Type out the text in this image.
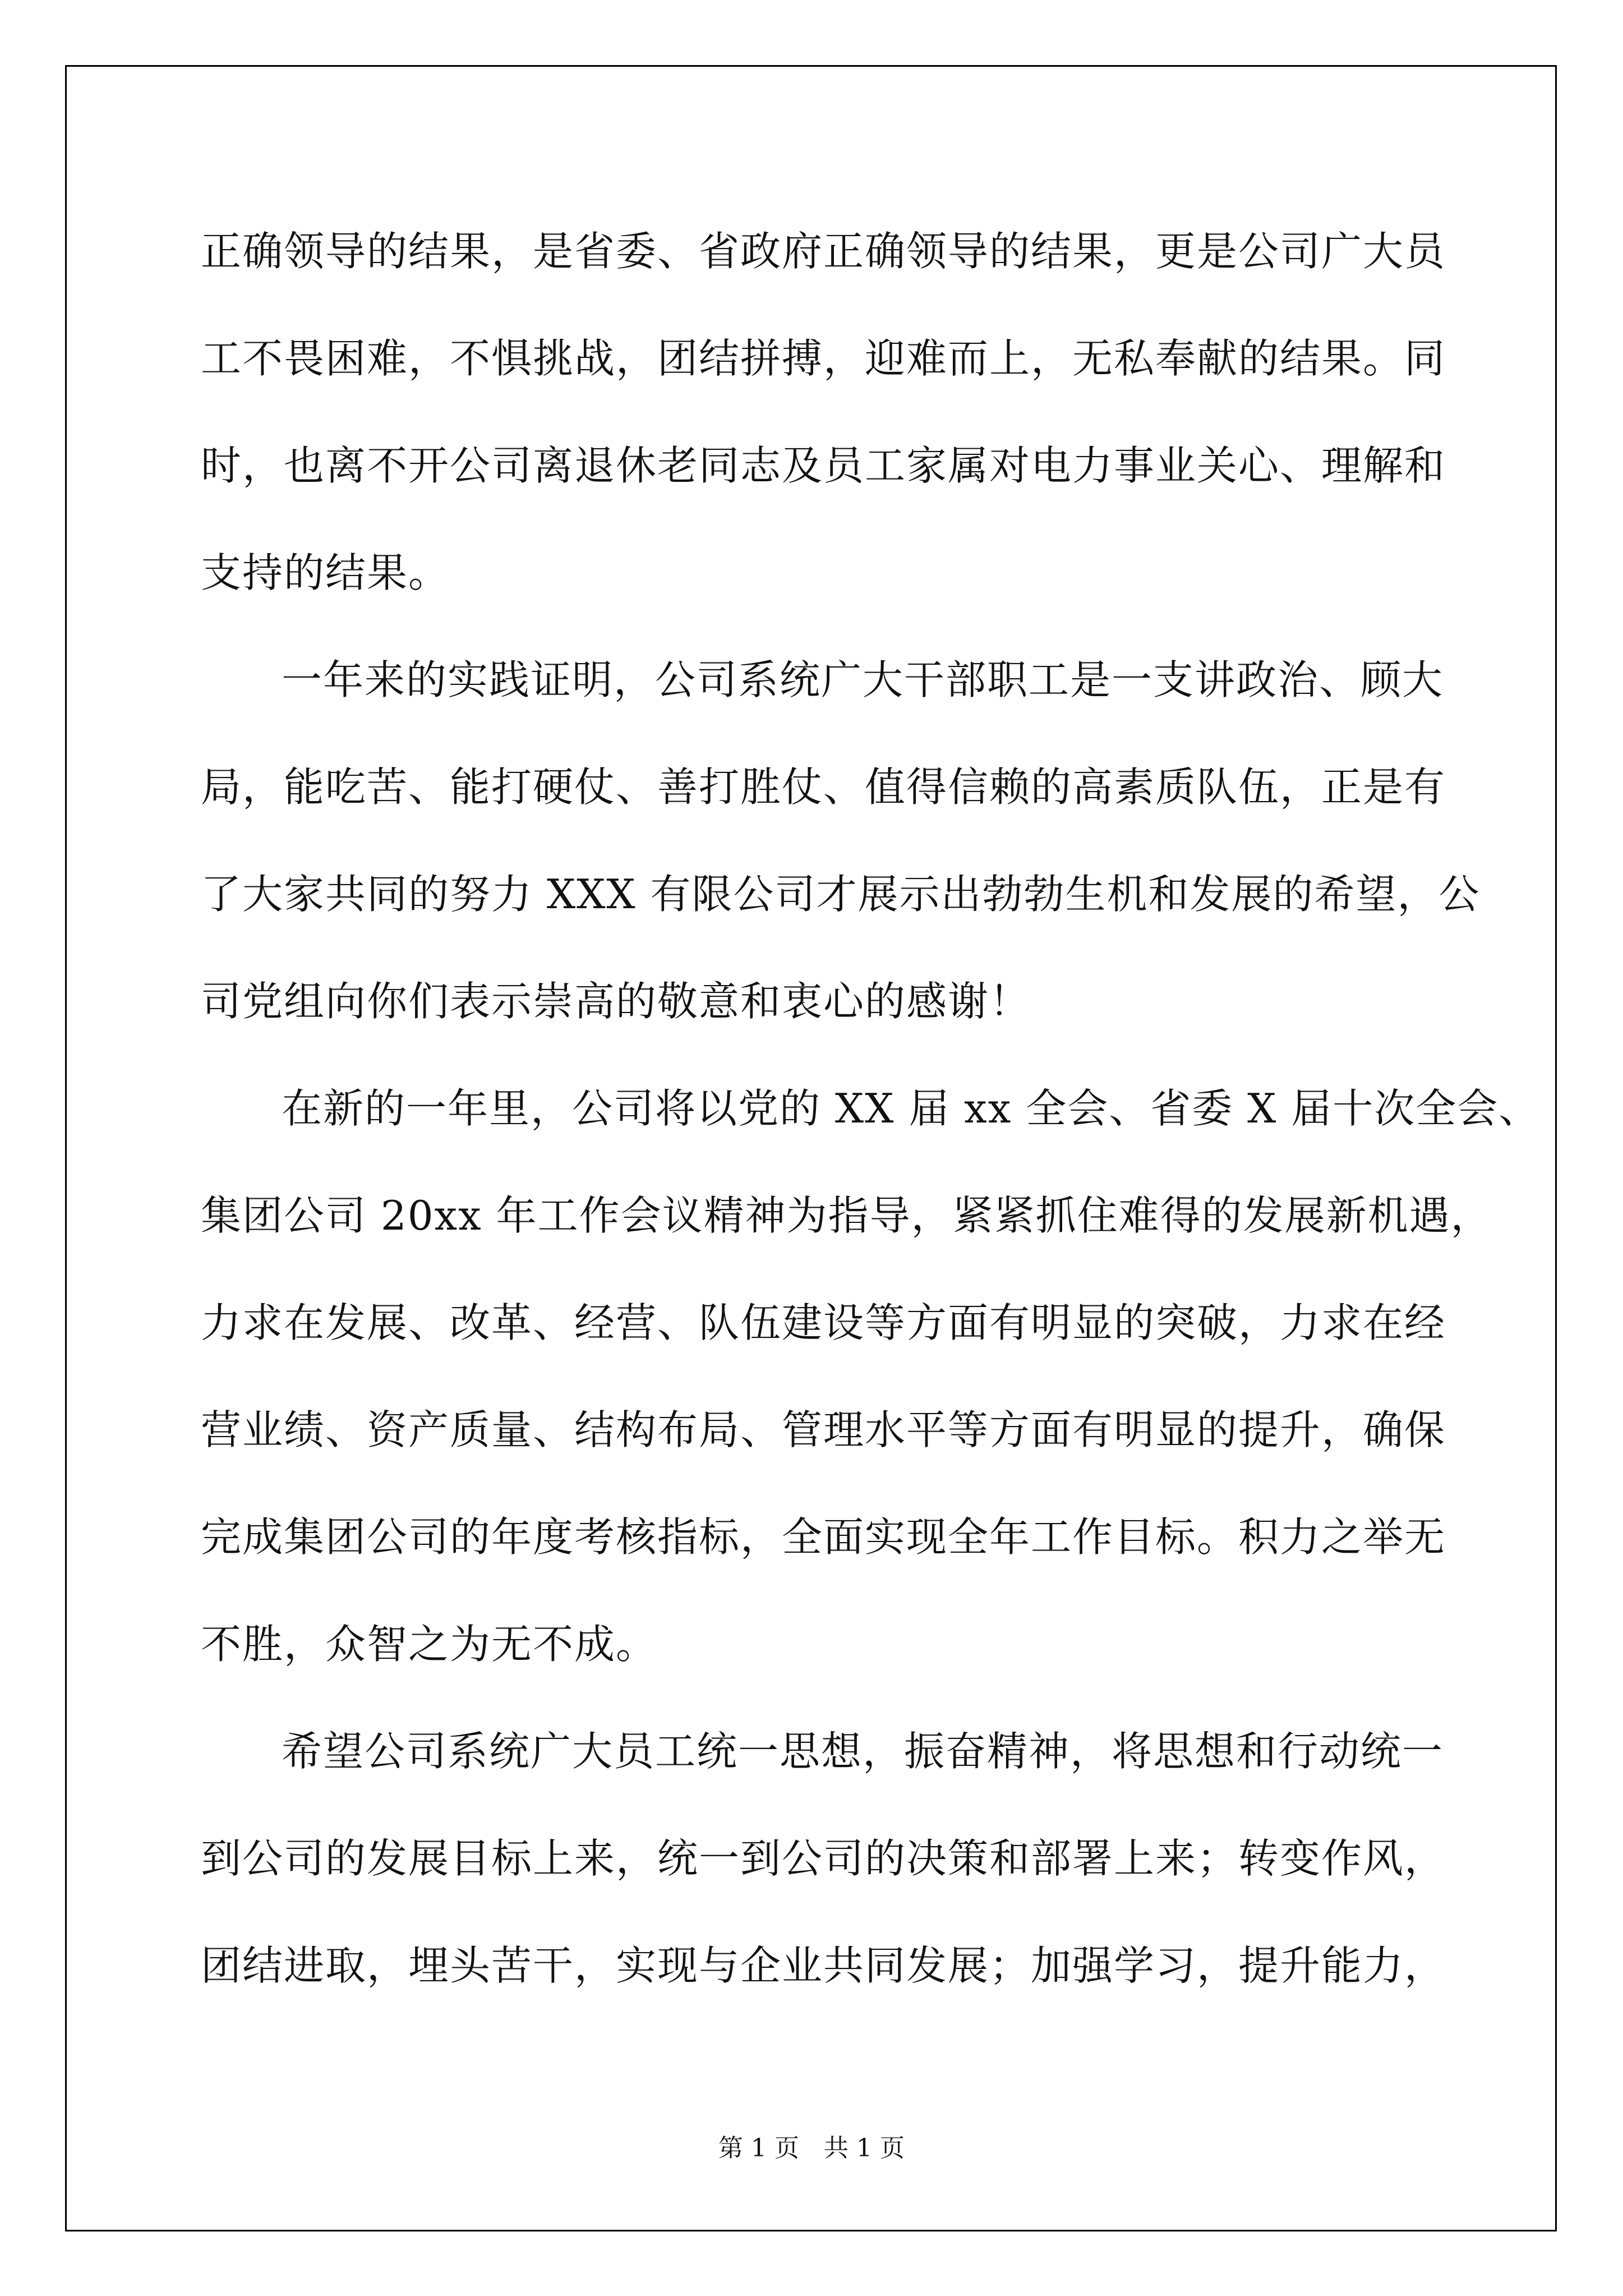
正确领导的结果，是省委、省政府正确领导的结果，更是公司广大员
工不畏困难，不惧挑战，团结拼搏，迎难而上，无私奉献的结果。同
时，也离不开公司离退休老同志及员工家属对电力事业关心、理解和
支持的结果。
一年来的实践证明，公司系统广大干部职工是一支讲政治、顾大
局，能吃苦、能打硬仗、善打胜仗、值得信赖的高素质队伍，正是有
了大家共同的努力 XXX 有限公司才展示出勃勃生机和发展的希望，公
司党组向你们表示崇高的敬意和衷心的感谢！
在新的一年里，公司将以党的 XX 届 xx 全会、省委 X 届十次全会、
集团公司 20xx 年工作会议精神为指导，紧紧抓住难得的发展新机遇，
力求在发展、改革、经营、队伍建设等方面有明显的突破，力求在经
营业绩、资产质量、结构布局、管理水平等方面有明显的提升，确保
完成集团公司的年度考核指标，全面实现全年工作目标。积力之举无
不胜，众智之为无不成。
希望公司系统广大员工统一思想，振奋精神，将思想和行动统一
到公司的发展目标上来，统一到公司的决策和部署上来；转变作风，
团结进取，埋头苦干，实现与企业共同发展；加强学习，提升能力，
第 1 页　共 1 页
